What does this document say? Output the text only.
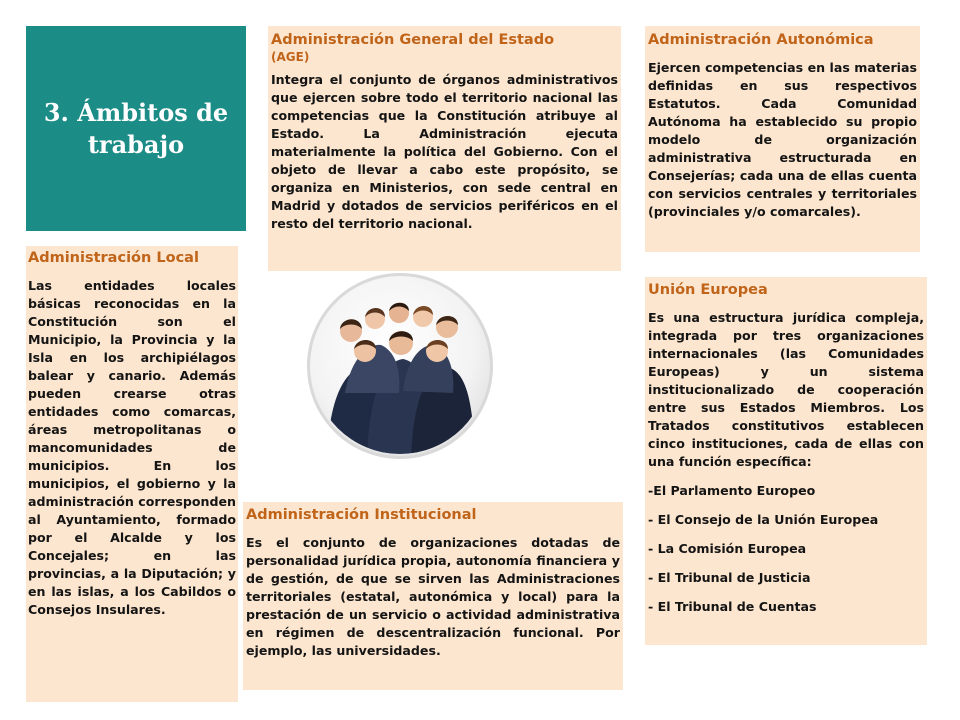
3. Ámbitos de trabajo

Administración General del Estado

(AGE)

Integra el conjunto de órganos administrativos que ejercen sobre todo el territorio nacional las competencias que la Constitución atribuye al Estado. La Administración ejecuta materialmente la política del Gobierno. Con el objeto de llevar a cabo este propósito, se organiza en Ministerios, con sede central en Madrid y dotados de servicios periféricos en el resto del territorio nacional.

Administración Autonómica

Ejercen competencias en las materias definidas en sus respectivos Estatutos. Cada Comunidad Autónoma ha establecido su propio modelo de organización administrativa estructurada en Consejerías; cada una de ellas cuenta con servicios centrales y territoriales (provinciales y/o comarcales).

Administración Local

Las entidades locales básicas reconocidas en la Constitución son el Municipio, la Provincia y la Isla en los archipiélagos balear y canario. Además pueden crearse otras entidades como comarcas, áreas metropolitanas o mancomunidades de municipios. En los municipios, el gobierno y la administración corresponden al Ayuntamiento, formado por el Alcalde y los Concejales; en las provincias, a la Diputación; y en las islas, a los Cabildos o Consejos Insulares.

Unión Europea

Es una estructura jurídica compleja, integrada por tres organizaciones internacionales (las Comunidades Europeas) y un sistema institucionalizado de cooperación entre sus Estados Miembros. Los Tratados constitutivos establecen cinco instituciones, cada de ellas con una función específica:

-El Parlamento Europeo

- El Consejo de la Unión Europea

- La Comisión Europea

- El Tribunal de Justicia

- El Tribunal de Cuentas

Administración Institucional

Es el conjunto de organizaciones dotadas de personalidad jurídica propia, autonomía financiera y de gestión, de que se sirven las Administraciones territoriales (estatal, autonómica y local) para la prestación de un servicio o actividad administrativa en régimen de descentralización funcional. Por ejemplo, las universidades.
